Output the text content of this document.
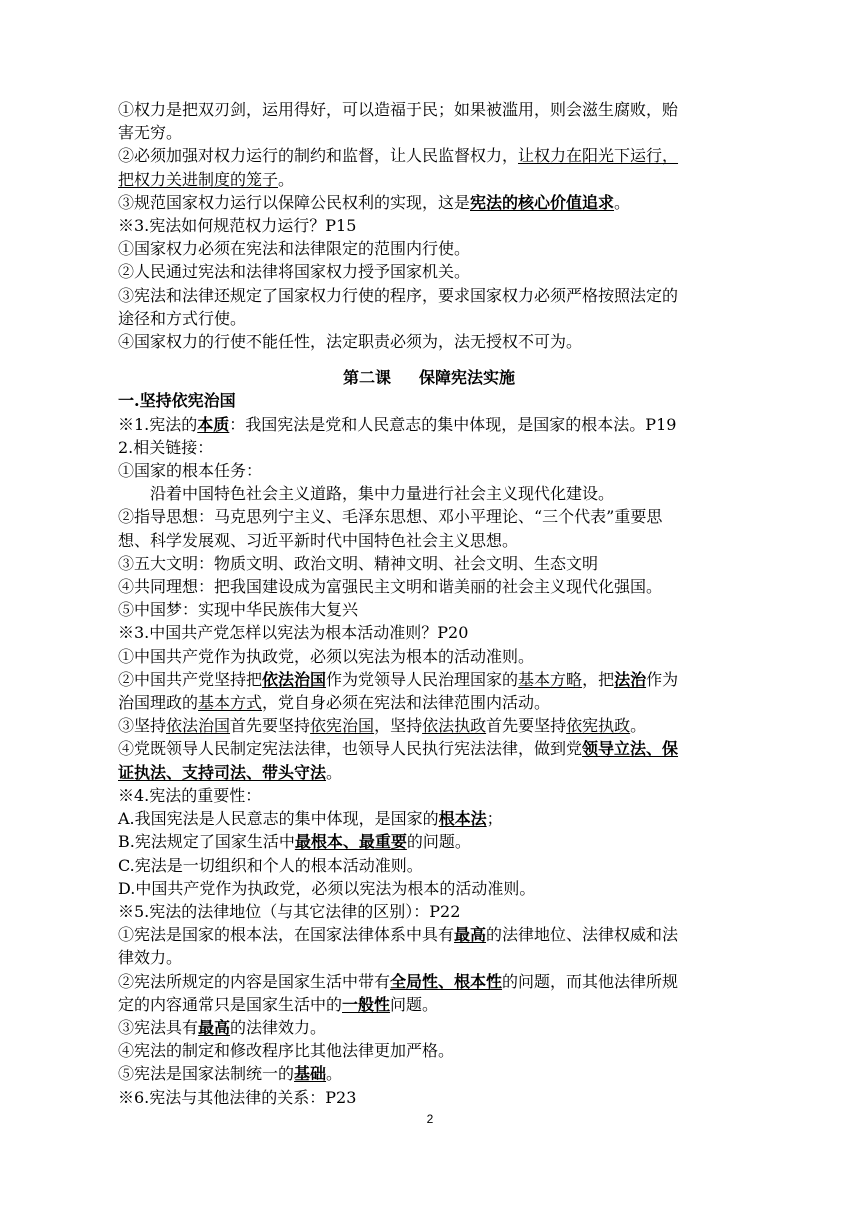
①权力是把双刃剑，运用得好，可以造福于民；如果被滥用，则会滋生腐败，贻
害无穷。
②必须加强对权力运行的制约和监督，让人民监督权力，让权力在阳光下运行，
把权力关进制度的笼子。
③规范国家权力运行以保障公民权利的实现，这是宪法的核心价值追求。
※3.宪法如何规范权力运行？P15
①国家权力必须在宪法和法律限定的范围内行使。
②人民通过宪法和法律将国家权力授予国家机关。
③宪法和法律还规定了国家权力行使的程序，要求国家权力必须严格按照法定的
途径和方式行使。
④国家权力的行使不能任性，法定职责必须为，法无授权不可为。
第二课 保障宪法实施
一.坚持依宪治国
※1.宪法的本质：我国宪法是党和人民意志的集中体现，是国家的根本法。P19
2.相关链接：
①国家的根本任务：
沿着中国特色社会主义道路，集中力量进行社会主义现代化建设。
②指导思想：马克思列宁主义、毛泽东思想、邓小平理论、“三个代表”重要思
想、科学发展观、习近平新时代中国特色社会主义思想。
③五大文明：物质文明、政治文明、精神文明、社会文明、生态文明
④共同理想：把我国建设成为富强民主文明和谐美丽的社会主义现代化强国。
⑤中国梦：实现中华民族伟大复兴
※3.中国共产党怎样以宪法为根本活动准则？P20
①中国共产党作为执政党，必须以宪法为根本的活动准则。
②中国共产党坚持把依法治国作为党领导人民治理国家的基本方略，把法治作为
治国理政的基本方式，党自身必须在宪法和法律范围内活动。
③坚持依法治国首先要坚持依宪治国，坚持依法执政首先要坚持依宪执政。
④党既领导人民制定宪法法律，也领导人民执行宪法法律，做到党领导立法、保
证执法、支持司法、带头守法。
※4.宪法的重要性：
A.我国宪法是人民意志的集中体现，是国家的根本法；
B.宪法规定了国家生活中最根本、最重要的问题。
C.宪法是一切组织和个人的根本活动准则。
D.中国共产党作为执政党，必须以宪法为根本的活动准则。
※5.宪法的法律地位（与其它法律的区别）：P22
①宪法是国家的根本法，在国家法律体系中具有最高的法律地位、法律权威和法
律效力。
②宪法所规定的内容是国家生活中带有全局性、根本性的问题，而其他法律所规
定的内容通常只是国家生活中的一般性问题。
③宪法具有最高的法律效力。
④宪法的制定和修改程序比其他法律更加严格。
⑤宪法是国家法制统一的基础。
※6.宪法与其他法律的关系：P23
2
